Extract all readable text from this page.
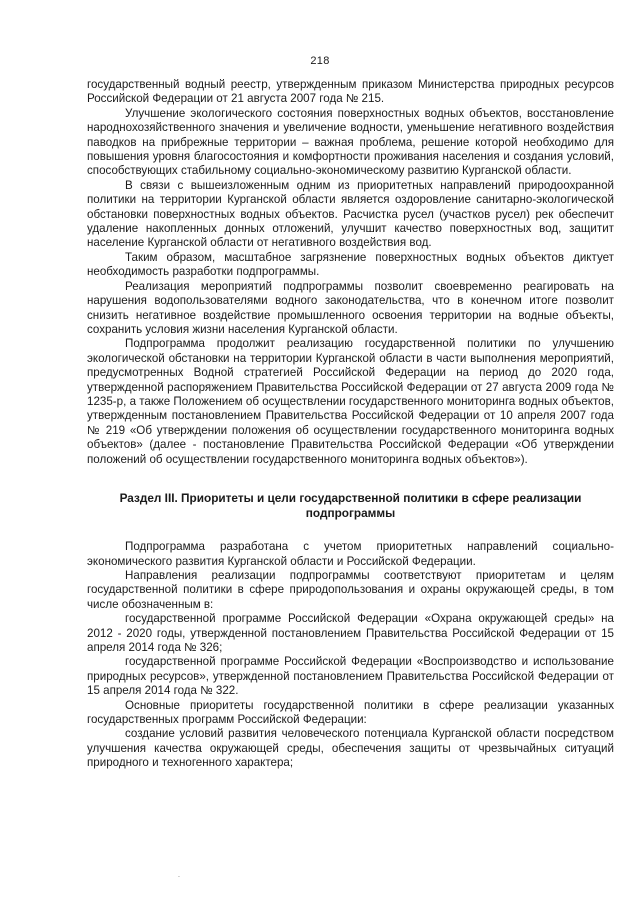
218

государственный водный реестр, утвержденным приказом Министерства природных ресурсов Российской Федерации от 21 августа 2007 года № 215.

Улучшение экологического состояния поверхностных водных объектов, восстановление народнохозяйственного значения и увеличение водности, уменьшение негативного воздействия паводков на прибрежные территории – важная проблема, решение которой необходимо для повышения уровня благосостояния и комфортности проживания населения и создания условий, способствующих стабильному социально-экономическому развитию Курганской области.

В связи с вышеизложенным одним из приоритетных направлений природоохранной политики на территории Курганской области является оздоровление санитарно-экологической обстановки поверхностных водных объектов. Расчистка русел (участков русел) рек обеспечит удаление накопленных донных отложений, улучшит качество поверхностных вод, защитит население Курганской области от негативного воздействия вод.

Таким образом, масштабное загрязнение поверхностных водных объектов диктует необходимость разработки подпрограммы.

Реализация мероприятий подпрограммы позволит своевременно реагировать на нарушения водопользователями водного законодательства, что в конечном итоге позволит снизить негативное воздействие промышленного освоения территории на водные объекты, сохранить условия жизни населения Курганской области.

Подпрограмма продолжит реализацию государственной политики по улучшению экологической обстановки на территории Курганской области в части выполнения мероприятий, предусмотренных Водной стратегией Российской Федерации на период до 2020 года, утвержденной распоряжением Правительства Российской Федерации от 27 августа 2009 года № 1235-р, а также Положением об осуществлении государственного мониторинга водных объектов, утвержденным постановлением Правительства Российской Федерации от 10 апреля 2007 года № 219 «Об утверждении положения об осуществлении государственного мониторинга водных объектов» (далее - постановление Правительства Российской Федерации «Об утверждении положений об осуществлении государственного мониторинга водных объектов»).

Раздел III. Приоритеты и цели государственной политики в сфере реализации
подпрограммы

Подпрограмма разработана с учетом приоритетных направлений социально-экономического развития Курганской области и Российской Федерации.

Направления реализации подпрограммы соответствуют приоритетам и целям государственной политики в сфере природопользования и охраны окружающей среды, в том числе обозначенным в:

государственной программе Российской Федерации «Охрана окружающей среды» на 2012 - 2020 годы, утвержденной постановлением Правительства Российской Федерации от 15 апреля 2014 года № 326;

государственной программе Российской Федерации «Воспроизводство и использование природных ресурсов», утвержденной постановлением Правительства Российской Федерации от 15 апреля 2014 года № 322.

Основные приоритеты государственной политики в сфере реализации указанных государственных программ Российской Федерации:

создание условий развития человеческого потенциала Курганской области посредством улучшения качества окружающей среды, обеспечения защиты от чрезвычайных ситуаций природного и техногенного характера;

.
